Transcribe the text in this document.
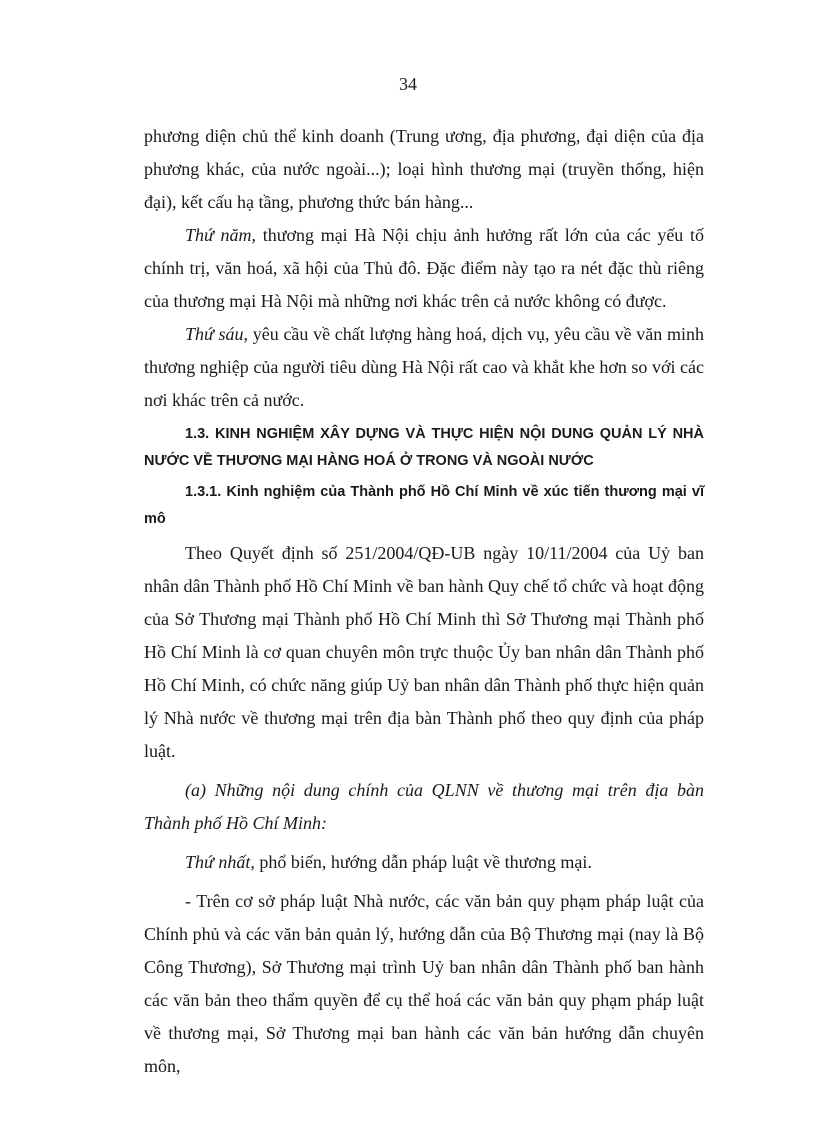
34

phương diện chủ thể kinh doanh (Trung ương, địa phương, đại diện của địa phương khác, của nước ngoài...); loại hình thương mại (truyền thống, hiện đại), kết cấu hạ tầng, phương thức bán hàng...

Thứ năm, thương mại Hà Nội chịu ảnh hưởng rất lớn của các yếu tố chính trị, văn hoá, xã hội của Thủ đô. Đặc điểm này tạo ra nét đặc thù riêng của thương mại Hà Nội mà những nơi khác trên cả nước không có được.

Thứ sáu, yêu cầu về chất lượng hàng hoá, dịch vụ, yêu cầu về văn minh thương nghiệp của người tiêu dùng Hà Nội rất cao và khắt khe hơn so với các nơi khác trên cả nước.

1.3. KINH NGHIỆM XÂY DỰNG VÀ THỰC HIỆN NỘI DUNG QUẢN LÝ NHÀ NƯỚC VỀ THƯƠNG MẠI HÀNG HOÁ Ở TRONG VÀ NGOÀI NƯỚC

1.3.1. Kinh nghiệm của Thành phố Hồ Chí Minh về xúc tiến thương mại vĩ mô

Theo Quyết định số 251/2004/QĐ-UB ngày 10/11/2004 của Uỷ ban nhân dân Thành phố Hồ Chí Minh về ban hành Quy chế tổ chức và hoạt động của Sở Thương mại Thành phố Hồ Chí Minh thì Sở Thương mại Thành phố Hồ Chí Minh là cơ quan chuyên môn trực thuộc Ủy ban nhân dân Thành phố Hồ Chí Minh, có chức năng giúp Uỷ ban nhân dân Thành phố thực hiện quản lý Nhà nước về thương mại trên địa bàn Thành phố theo quy định của pháp luật.

(a) Những nội dung chính của QLNN về thương mại trên địa bàn Thành phố Hồ Chí Minh:

Thứ nhất, phổ biến, hướng dẫn pháp luật về thương mại.

- Trên cơ sở pháp luật Nhà nước, các văn bản quy phạm pháp luật của Chính phủ và các văn bản quản lý, hướng dẫn của Bộ Thương mại (nay là Bộ Công Thương), Sở Thương mại trình Uỷ ban nhân dân Thành phố ban hành các văn bản theo thẩm quyền để cụ thể hoá các văn bản quy phạm pháp luật về thương mại, Sở Thương mại ban hành các văn bản hướng dẫn chuyên môn,
